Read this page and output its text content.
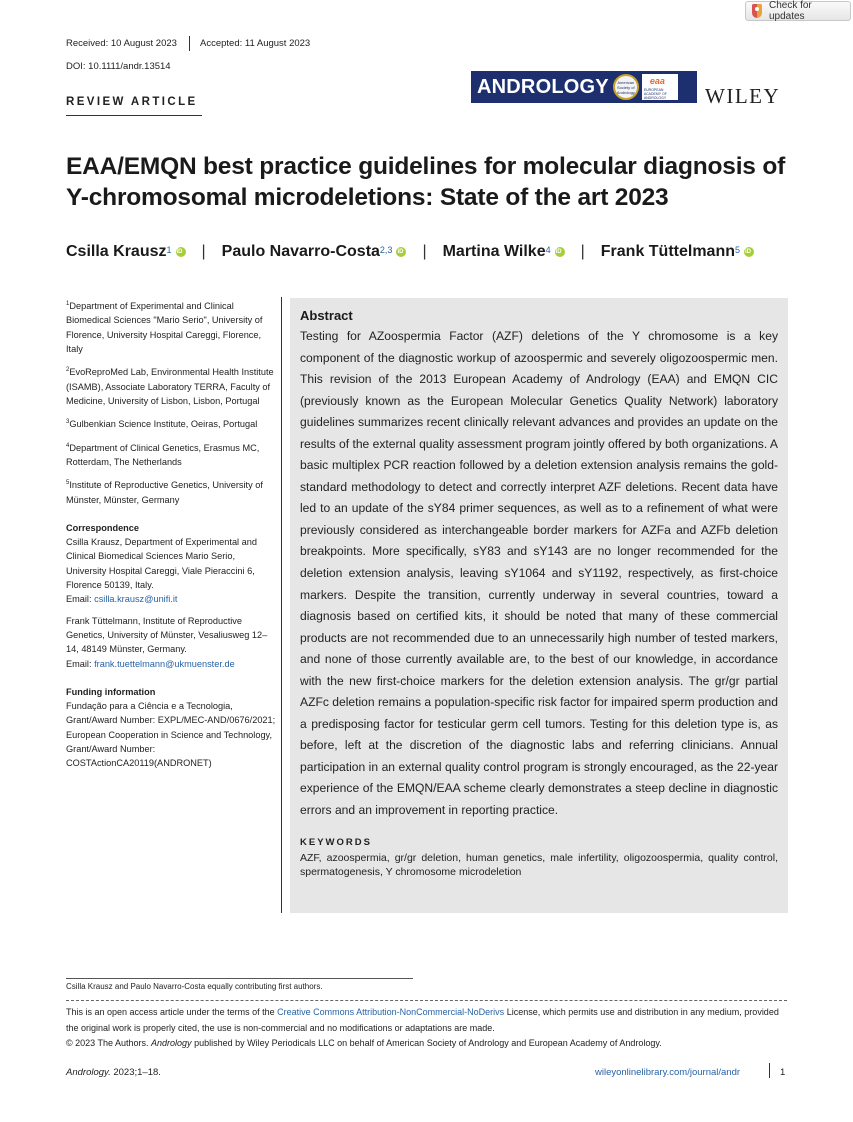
Check for updates
Received: 10 August 2023 Accepted: 11 August 2023
DOI: 10.1111/andr.13514
ANDROLOGY	American Society of Andrology
eaa
EUROPEAN ACADEMY OF ANDROLOGY	WILEY
REVIEW ARTICLE
EAA/EMQN best practice guidelines for molecular diagnosis of Y-chromosomal microdeletions: State of the art 2023
Csilla Krausz$^1$ iD | Paulo Navarro-Costa$^{2,3}$ iD | Martina Wilke$^4$ iD | Frank Tüttelmann$^5$
iD
$^1$Department of Experimental and Clinical Biomedical Sciences "Mario Serio", University of Florence, University Hospital Careggi, Florence, Italy
$^2$EvoReproMed Lab, Environmental Health Institute (ISAMB), Associate Laboratory TERRA, Faculty of Medicine, University of Lisbon, Lisbon, Portugal
$^3$Gulbenkian Science Institute, Oeiras, Portugal
$^4$Department of Clinical Genetics, Erasmus MC, Rotterdam, The Netherlands
$^5$Institute of Reproductive Genetics, University of Münster, Münster, Germany
Correspondence
Csilla Krausz, Department of Experimental and Clinical Biomedical Sciences Mario Serio, University Hospital Careggi, Viale Pieraccini 6, Florence 50139, Italy.
Email: csilla.krausz@unifi.it
Frank Tüttelmann, Institute of Reproductive Genetics, University of Münster, Vesaliusweg 12–14, 48149 Münster, Germany.
Email: frank.tuettelmann@ukmuenster.de
Funding information
Fundação para a Ciência e a Tecnologia, Grant/Award Number: EXPL/MEC-AND/0676/2021; European Cooperation in Science and Technology, Grant/Award Number: COSTActionCA20119(ANDRONET)
Abstract
Testing for AZoospermia Factor (AZF) deletions of the Y chromosome is a key component of the diagnostic workup of azoospermic and severely oligozoospermic men. This revision of the 2013 European Academy of Andrology (EAA) and EMQN CIC (previously known as the European Molecular Genetics Quality Network) laboratory guidelines summarizes recent clinically relevant advances and provides an update on the results of the external quality assessment program jointly offered by both organizations. A basic multiplex PCR reaction followed by a deletion extension analysis remains the gold-standard methodology to detect and correctly interpret AZF deletions. Recent data have led to an update of the sY84 primer sequences, as well as to a refinement of what were previously considered as interchangeable border markers for AZFa and AZFb deletion breakpoints. More specifically, sY83 and sY143 are no longer recommended for the deletion extension analysis, leaving sY1064 and sY1192, respectively, as first-choice markers. Despite the transition, currently underway in several countries, toward a diagnosis based on certified kits, it should be noted that many of these commercial products are not recommended due to an unnecessarily high number of tested markers, and none of those currently available are, to the best of our knowledge, in accordance with the new first-choice markers for the deletion extension analysis. The gr/gr partial AZFc deletion remains a population-specific risk factor for impaired sperm production and a predisposing factor for testicular germ cell tumors. Testing for this deletion type is, as before, left at the discretion of the diagnostic labs and referring clinicians. Annual participation in an external quality control program is strongly encouraged, as the 22-year experience of the EMQN/EAA scheme clearly demonstrates a steep decline in diagnostic errors and an improvement in reporting practice.
KEYWORDS
AZF, azoospermia, gr/gr deletion, human genetics, male infertility, oligozoospermia, quality control, spermatogenesis, Y chromosome microdeletion
Csilla Krausz and Paulo Navarro-Costa equally contributing first authors.
This is an open access article under the terms of the Creative Commons Attribution-NonCommercial-NoDerivs License, which permits use and distribution in any medium, provided the original work is properly cited, the use is non-commercial and no modifications or adaptations are made.
© 2023 The Authors. Andrology published by Wiley Periodicals LLC on behalf of American Society of Andrology and European Academy of Andrology.
Andrology. 2023;1–18.	wileyonlinelibrary.com/journal/andr	1
